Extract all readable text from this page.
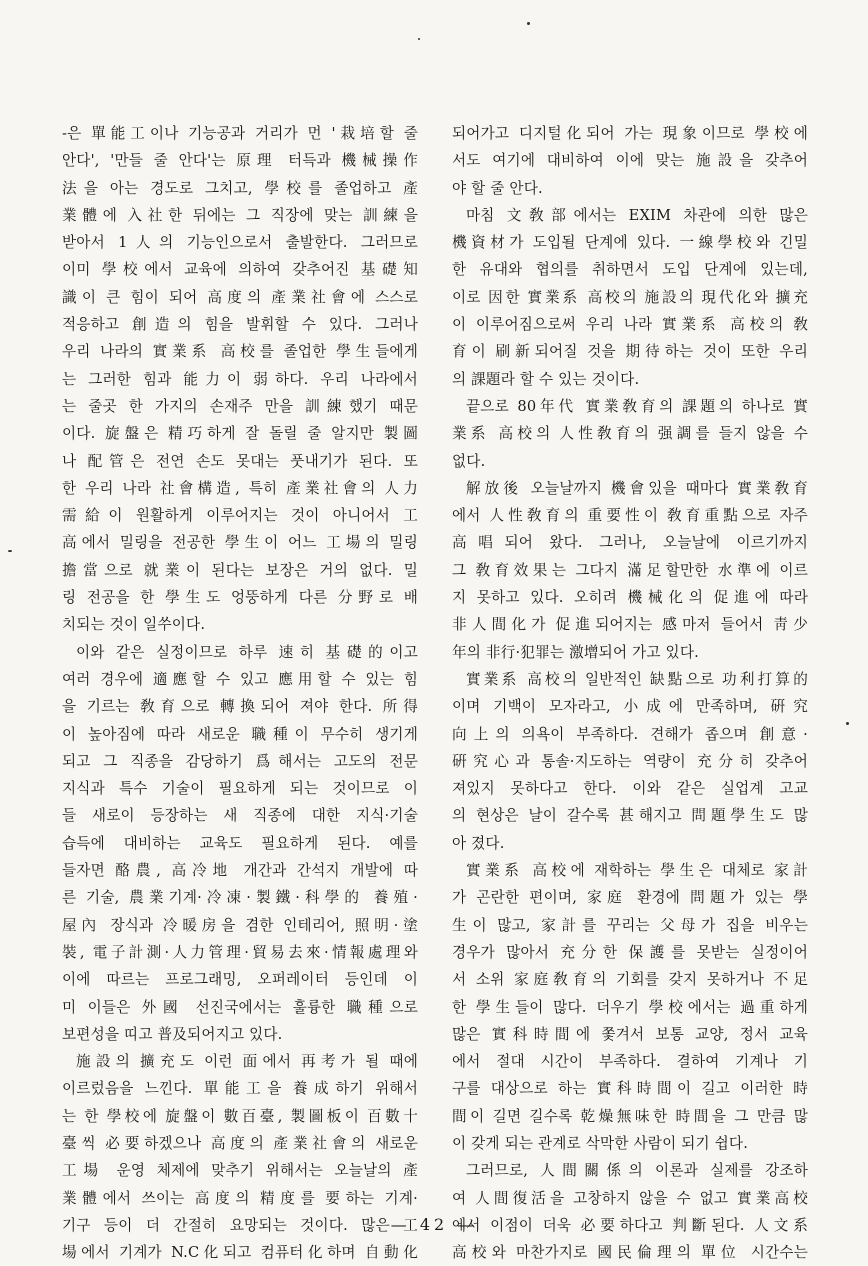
-은 單能工이나 기능공과 거리가 먼 '栽培할 줄
안다', '만들 줄 안다'는 原理 터득과 機械操作
法을 아는 경도로 그치고, 學校를 졸업하고 產
業體에 入社한 뒤에는 그 직장에 맞는 訓練을
받아서 1人의 기능인으로서 출발한다. 그러므로
이미 學校에서 교육에 의하여 갖추어진 基礎知
識이 큰 힘이 되어 高度의 產業社會에 스스로
적응하고 創造의 힘을 발휘할 수 있다. 그러나
우리 나라의 實業系 高校를 졸업한 學生들에게
는 그러한 힘과 能力이 弱하다. 우리 나라에서
는 줄곳 한 가지의 손재주 만을 訓練했기 때문
이다. 旋盤은 精巧하게 잘 돌릴 줄 알지만 製圖
나 配管은 전연 손도 못대는 풋내기가 된다. 또
한 우리 나라 社會構造, 특히 產業社會의 人力
需給이 원활하게 이루어지는 것이 아니어서 工
高에서 밀링을 전공한 學生이 어느 工場의 밀링
擔當으로 就業이 된다는 보장은 거의 없다. 밀
링 전공을 한 學生도 엉뚱하게 다른 分野로 배
치되는 것이 일쑤이다.
이와 같은 실정이므로 하루 速히 基礎的이고
여러 경우에 適應할 수 있고 應用할 수 있는 힘
을 기르는 敎育으로 轉換되어 져야 한다. 所得
이 높아짐에 따라 새로운 職種이 무수히 생기게
되고 그 직종을 감당하기 爲해서는 고도의 전문
지식과 특수 기술이 필요하게 되는 것이므로 이
들 새로이 등장하는 새 직종에 대한 지식·기술
습득에 대비하는 교육도 필요하게 된다. 예를
들자면 酪農, 高冷地 개간과 간석지 개발에 따
른 기술, 農業기계·冷凍·製鐵·科學的 養殖·
屋內 장식과 冷暖房을 겸한 인테리어, 照明·塗
裝, 電子計測·人力管理·貿易去來·情報處理와
이에 따르는 프로그래밍, 오퍼레이터 등인데 이
미 이들은 外國 선진국에서는 훌륭한 職種으로
보편성을 띠고 普及되어지고 있다.
施設의 擴充도 이런 面에서 再考가 될 때에
이르렀음을 느낀다. 單能工을 養成하기 위해서
는 한 學校에 旋盤이 數百臺, 製圖板이 百數十
臺씩 必要하겠으나 高度의 產業社會의 새로운
工場 운영 체제에 맞추기 위해서는 오늘날의 產
業體에서 쓰이는 高度의 精度를 要하는 기계·
기구 등이 더 간절히 요망되는 것이다. 많은 工
場에서 기계가 N.C化되고 컴퓨터化하며 自動化
되어가고 디지털化되어 가는 現象이므로 學校에
서도 여기에 대비하여 이에 맞는 施設을 갖추어
야 할 줄 안다.
마침 文敎部에서는 EXIM 차관에 의한 많은
機資材가 도입될 단계에 있다. 一線學校와 긴밀
한 유대와 협의를 취하면서 도입 단계에 있는데,
이로 因한 實業系 高校의 施設의 現代化와 擴充
이 이루어짐으로써 우리 나라 實業系 高校의 敎
育이 刷新되어질 것을 期待하는 것이 또한 우리
의 課題라 할 수 있는 것이다.
끝으로 80年代 實業敎育의 課題의 하나로 實
業系 高校의 人性敎育의 强調를 들지 않을 수
없다.
解放後 오늘날까지 機會있을 때마다 實業敎育
에서 人性敎育의 重要性이 敎育重點으로 자주
高唱되어 왔다. 그러나, 오늘날에 이르기까지
그 敎育效果는 그다지 滿足할만한 水準에 이르
지 못하고 있다. 오히려 機械化의 促進에 따라
非人間化가 促進되어지는 感마저 들어서 靑少
年의 非行·犯罪는 激增되어 가고 있다.
實業系 高校의 일반적인 缺點으로 功利打算的
이며 기백이 모자라고, 小成에 만족하며, 硏究
向上의 의욕이 부족하다. 견해가 좁으며 創意·
硏究心과 통솔·지도하는 역량이 充分히 갖추어
져있지 못하다고 한다. 이와 같은 실업계 고교
의 현상은 날이 갈수록 甚해지고 問題學生도 많
아 졌다.
實業系 高校에 재학하는 學生은 대체로 家計
가 곤란한 편이며, 家庭 환경에 問題가 있는 學
生이 많고, 家計를 꾸리는 父母가 집을 비우는
경우가 많아서 充分한 保護를 못받는 실정이어
서 소위 家庭敎育의 기회를 갖지 못하거나 不足
한 學生들이 많다. 더우기 學校에서는 過重하게
많은 實科時間에 쫓겨서 보통 교양, 정서 교육
에서 절대 시간이 부족하다. 결하여 기계나 기
구를 대상으로 하는 實科時間이 길고 이러한 時
間이 길면 길수록 乾燥無味한 時間을 그 만큼 많
이 갖게 되는 관계로 삭막한 사람이 되기 쉽다.
그러므로, 人間關係의 이론과 실제를 강조하
여 人間復活을 고창하지 않을 수 없고 實業高校
에서 이점이 더욱 必要하다고 判斷된다. 人文系
高校와 마찬가지로 國民倫理의 單位 시간수는
— 42 —
